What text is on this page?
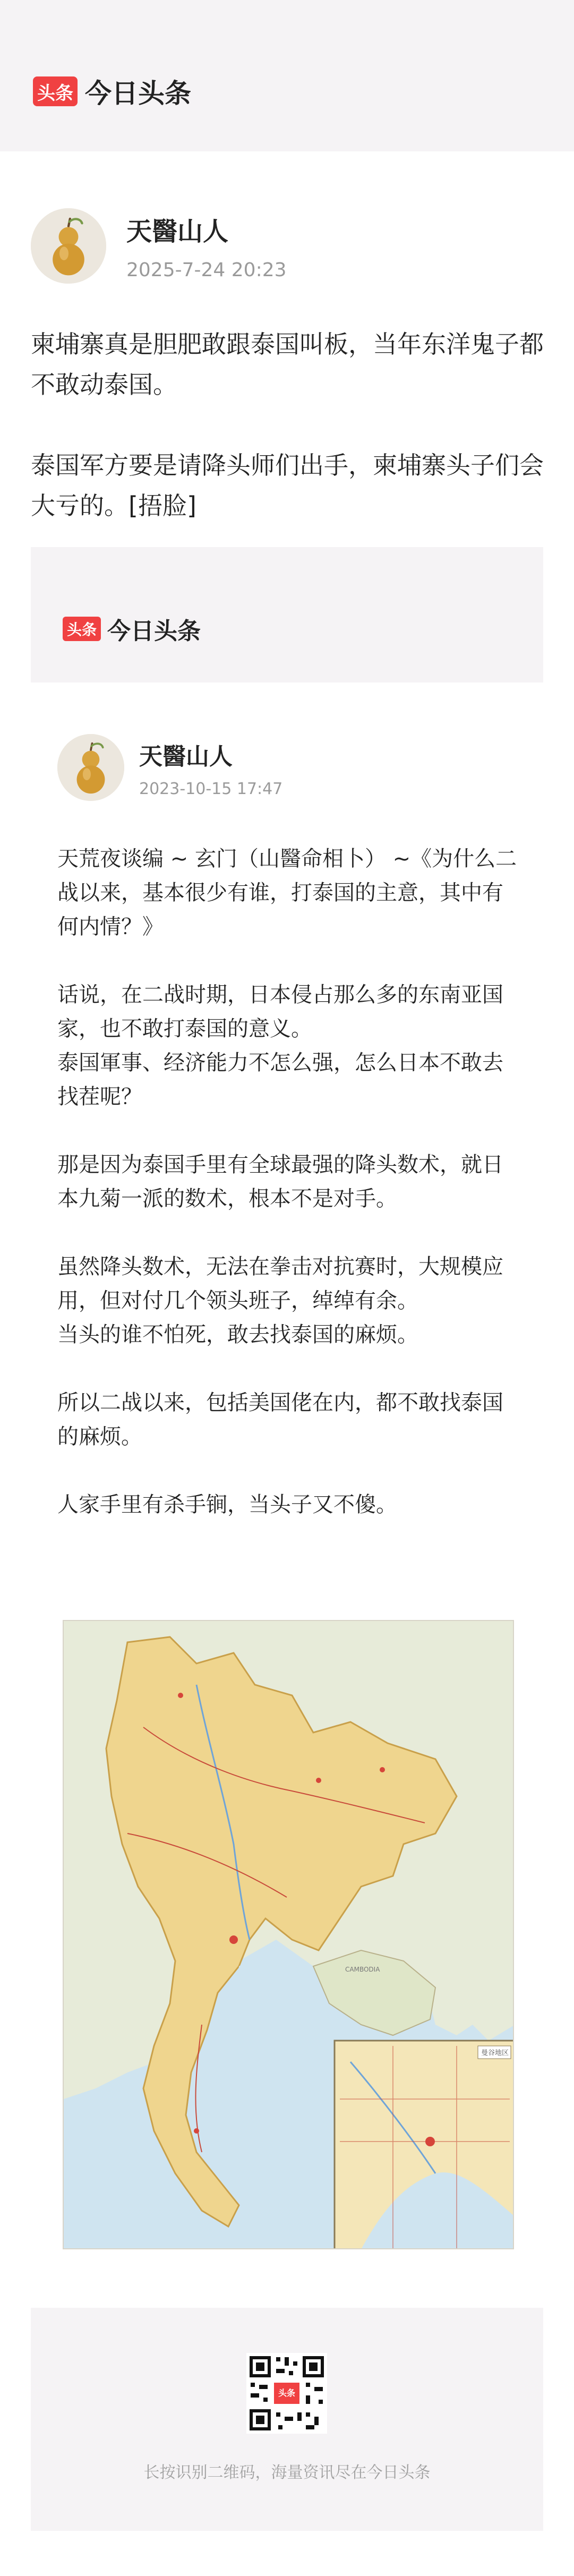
头条 今日头条
天醫山人
2025-7-24 20:23

柬埔寨真是胆肥敢跟泰国叫板，当年东洋鬼子都不敢动泰国。

泰国军方要是请降头师们出手，柬埔寨头子们会大亏的。[捂脸]

头条 今日头条
天醫山人
2023-10-15 17:47
天荒夜谈编 ~ 玄门（山醫命相卜） ~《为什么二战以来，基本很少有谁，打泰国的主意，其中有何内情？》
话说，在二战时期，日本侵占那么多的东南亚国家，也不敢打泰国的意义。
泰国軍事、经济能力不怎么强，怎么日本不敢去找茬呢？
那是因为泰国手里有全球最强的降头数术，就日本九菊一派的数术，根本不是对手。
虽然降头数术，无法在拳击对抗赛时，大规模应用，但对付几个领头班子，绰绰有余。
当头的谁不怕死，敢去找泰国的麻烦。
所以二战以来，包括美国佬在内，都不敢找泰国的麻烦。
人家手里有杀手锏，当头子又不傻。
CAMBODIA
曼谷地区
头条
长按识别二维码，海量资讯尽在今日头条
